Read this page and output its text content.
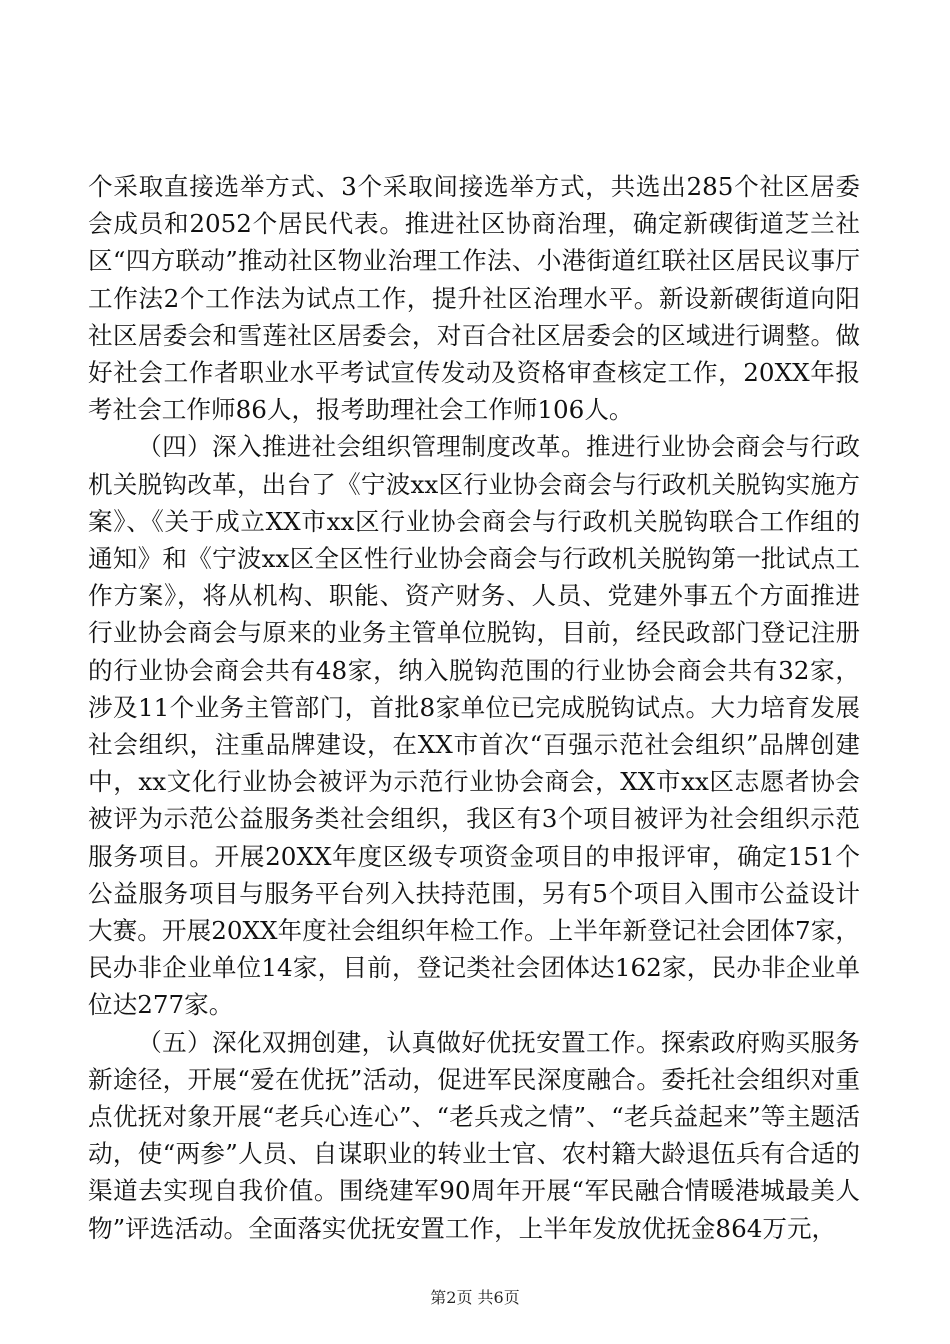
个采取直接选举方式、3个采取间接选举方式，共选出285个社区居委会成员和2052个居民代表。推进社区协商治理，确定新碶街道芝兰社区“四方联动”推动社区物业治理工作法、小港街道红联社区居民议事厅工作法2个工作法为试点工作，提升社区治理水平。新设新碶街道向阳社区居委会和雪莲社区居委会，对百合社区居委会的区域进行调整。做好社会工作者职业水平考试宣传发动及资格审查核定工作，20XX年报考社会工作师86人，报考助理社会工作师106人。

（四）深入推进社会组织管理制度改革。推进行业协会商会与行政机关脱钩改革，出台了《宁波xx区行业协会商会与行政机关脱钩实施方案》、《关于成立XX市xx区行业协会商会与行政机关脱钩联合工作组的通知》和《宁波xx区全区性行业协会商会与行政机关脱钩第一批试点工作方案》，将从机构、职能、资产财务、人员、党建外事五个方面推进行业协会商会与原来的业务主管单位脱钩，目前，经民政部门登记注册的行业协会商会共有48家，纳入脱钩范围的行业协会商会共有32家，涉及11个业务主管部门，首批8家单位已完成脱钩试点。大力培育发展社会组织，注重品牌建设，在XX市首次“百强示范社会组织”品牌创建中，xx文化行业协会被评为示范行业协会商会，XX市xx区志愿者协会被评为示范公益服务类社会组织，我区有3个项目被评为社会组织示范服务项目。开展20XX年度区级专项资金项目的申报评审，确定151个公益服务项目与服务平台列入扶持范围，另有5个项目入围市公益设计大赛。开展20XX年度社会组织年检工作。上半年新登记社会团体7家，民办非企业单位14家，目前，登记类社会团体达162家，民办非企业单位达277家。

（五）深化双拥创建，认真做好优抚安置工作。探索政府购买服务新途径，开展“爱在优抚”活动，促进军民深度融合。委托社会组织对重点优抚对象开展“老兵心连心”、“老兵戎之情”、“老兵益起来”等主题活动，使“两参”人员、自谋职业的转业士官、农村籍大龄退伍兵有合适的渠道去实现自我价值。围绕建军90周年开展“军民融合情暖港城最美人物”评选活动。全面落实优抚安置工作，上半年发放优抚金864万元，

第2页 共6页
